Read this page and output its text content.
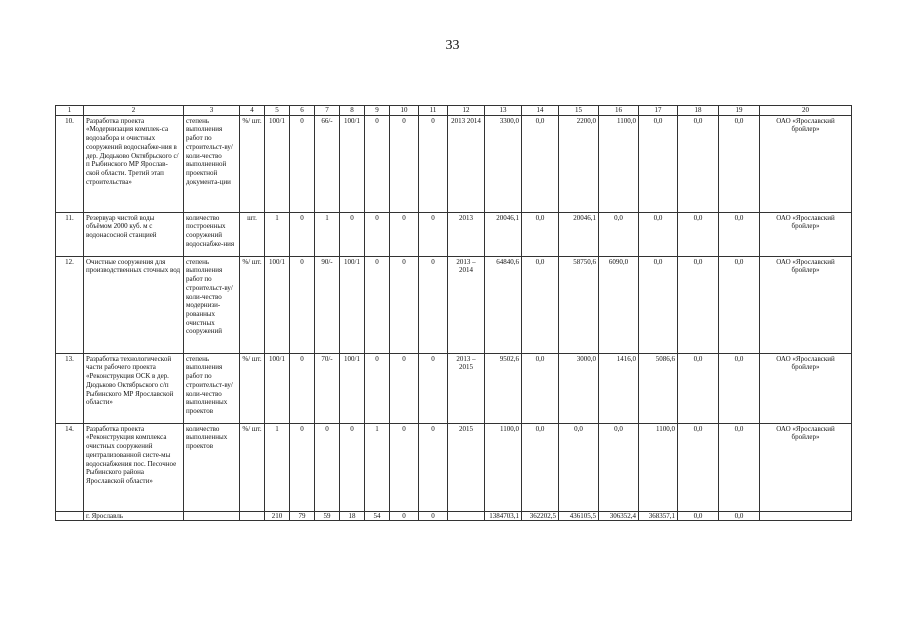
33
1	2	3	4	5	6	7	8	9	10	11	12	13	14	15	16	17	18	19	20
10.	Разработка проекта «Модернизация комплек-са водозабора и очистных сооружений водоснабже-ния в дер. Дюдьково Октябрьского с/п Рыбинского МР Ярослав-ской области. Третий этап строительства»	степень выполнения работ по строительст-ву/ коли-чество выполненной проектной документа-ции	%/ шт.	100/1	0	66/-	100/1	0	0	0	2013 2014	3300,0	0,0	2200,0	1100,0	0,0	0,0	0,0	ОАО «Ярославский бройлер»
11.	Резервуар чистой воды объёмом 2000 куб. м с водонасосной станцией	количество построенных сооружений водоснабже-ния	шт.	1	0	1	0	0	0	0	2013	20046,1	0,0	20046,1	0,0	0,0	0,0	0,0	ОАО «Ярославский бройлер»
12.	Очистные сооружения для производственных сточных вод	степень выполнения работ по строительст-ву/ коли-чество модернизи-рованных очистных сооружений	%/ шт.	100/1	0	90/-	100/1	0	0	0	2013 – 2014	64840,6	0,0	58750,6	6090,0	0,0	0,0	0,0	ОАО «Ярославский бройлер»
13.	Разработка технологической части рабочего проекта «Реконструкция ОСК в дер. Дюдьково Октябрьского с/п Рыбинского МР Ярославской области»	степень выполнения работ по строительст-ву/ коли-чество выполненных проектов	%/ шт.	100/1	0	70/-	100/1	0	0	0	2013 – 2015	9502,6	0,0	3000,0	1416,0	5086,6	0,0	0,0	ОАО «Ярославский бройлер»
14.	Разработка проекта «Реконструкция комплекса очистных сооружений централизованной систе-мы водоснабжения пос. Песочное Рыбинского района Ярославской области»	количество выполненных проектов	%/ шт.	1	0	0	0	1	0	0	2015	1100,0	0,0	0,0	0,0	1100,0	0,0	0,0	ОАО «Ярославский бройлер»
	г. Ярославль			210	79	59	18	54	0	0		1384703,1	362202,5	436105,5	306352,4	368357,1	0,0	0,0	
